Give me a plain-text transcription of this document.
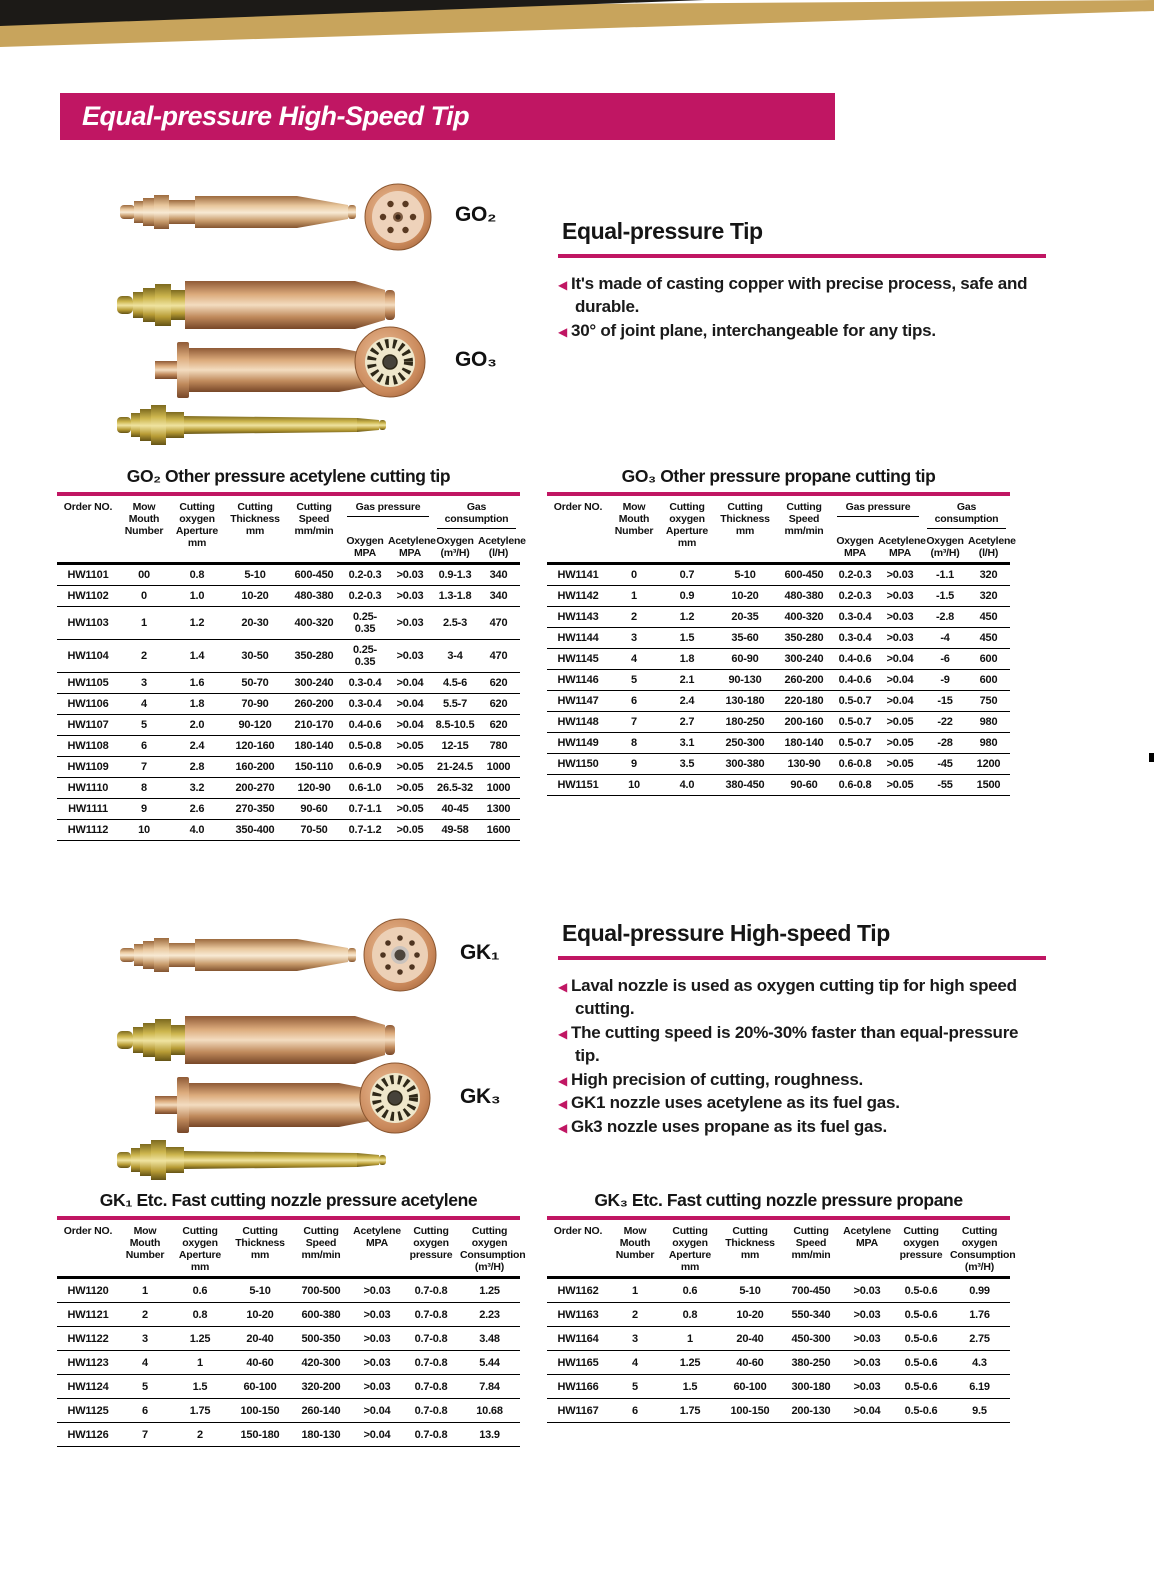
Equal-pressure High-Speed Tip
GO₂
GO₃
Equal-pressure Tip
◀ It's made of casting copper with precise process, safe and durable.
◀ 30° of joint plane, interchangeable for any tips.
GO₂ Other pressure acetylene cutting tip
Order NO.	Mow Mouth Number	Cutting oxygen Aperture mm	Cutting Thickness mm	Cutting Speed mm/min	Gas pressure		Gas consumption	

					Oxygen MPA	Acetylene MPA	Oxygen (m³/H)	Acetylene (l/H)
HW1101	00	0.8	5-10	600-450	0.2-0.3	>0.03	0.9-1.3	340
HW1102	0	1.0	10-20	480-380	0.2-0.3	>0.03	1.3-1.8	340
HW1103	1	1.2	20-30	400-320	0.25-0.35	>0.03	2.5-3	470
HW1104	2	1.4	30-50	350-280	0.25-0.35	>0.03	3-4	470
HW1105	3	1.6	50-70	300-240	0.3-0.4	>0.04	4.5-6	620
HW1106	4	1.8	70-90	260-200	0.3-0.4	>0.04	5.5-7	620
HW1107	5	2.0	90-120	210-170	0.4-0.6	>0.04	8.5-10.5	620
HW1108	6	2.4	120-160	180-140	0.5-0.8	>0.05	12-15	780
HW1109	7	2.8	160-200	150-110	0.6-0.9	>0.05	21-24.5	1000
HW1110	8	3.2	200-270	120-90	0.6-1.0	>0.05	26.5-32	1000
HW1111	9	2.6	270-350	90-60	0.7-1.1	>0.05	40-45	1300
HW1112	10	4.0	350-400	70-50	0.7-1.2	>0.05	49-58	1600
GO₃ Other pressure propane cutting tip
Order NO.	Mow Mouth Number	Cutting oxygen Aperture mm	Cutting Thickness mm	Cutting Speed mm/min	Gas pressure		Gas consumption	

					Oxygen MPA	Acetylene MPA	Oxygen (m³/H)	Acetylene (l/H)
HW1141	0	0.7	5-10	600-450	0.2-0.3	>0.03	-1.1	320
HW1142	1	0.9	10-20	480-380	0.2-0.3	>0.03	-1.5	320
HW1143	2	1.2	20-35	400-320	0.3-0.4	>0.03	-2.8	450
HW1144	3	1.5	35-60	350-280	0.3-0.4	>0.03	-4	450
HW1145	4	1.8	60-90	300-240	0.4-0.6	>0.04	-6	600
HW1146	5	2.1	90-130	260-200	0.4-0.6	>0.04	-9	600
HW1147	6	2.4	130-180	220-180	0.5-0.7	>0.04	-15	750
HW1148	7	2.7	180-250	200-160	0.5-0.7	>0.05	-22	980
HW1149	8	3.1	250-300	180-140	0.5-0.7	>0.05	-28	980
HW1150	9	3.5	300-380	130-90	0.6-0.8	>0.05	-45	1200
HW1151	10	4.0	380-450	90-60	0.6-0.8	>0.05	-55	1500
GK₁
GK₃
Equal-pressure High-speed Tip
◀ Laval nozzle is used as oxygen cutting tip for high speed cutting.
◀ The cutting speed is 20%-30% faster than equal-pressure tip.
◀ High precision of cutting, roughness.
◀ GK1 nozzle uses acetylene as its fuel gas.
◀ Gk3 nozzle uses propane as its fuel gas.
GK₁ Etc. Fast cutting nozzle pressure acetylene
Order NO.	Mow Mouth Number	Cutting oxygen Aperture mm	Cutting Thickness mm	Cutting Speed mm/min	Acetylene MPA	Cutting oxygen pressure	Cutting oxygen Consumption (m³/H)
HW1120	1	0.6	5-10	700-500	>0.03	0.7-0.8	1.25
HW1121	2	0.8	10-20	600-380	>0.03	0.7-0.8	2.23
HW1122	3	1.25	20-40	500-350	>0.03	0.7-0.8	3.48
HW1123	4	1	40-60	420-300	>0.03	0.7-0.8	5.44
HW1124	5	1.5	60-100	320-200	>0.03	0.7-0.8	7.84
HW1125	6	1.75	100-150	260-140	>0.04	0.7-0.8	10.68
HW1126	7	2	150-180	180-130	>0.04	0.7-0.8	13.9
GK₃ Etc. Fast cutting nozzle pressure propane
Order NO.	Mow Mouth Number	Cutting oxygen Aperture mm	Cutting Thickness mm	Cutting Speed mm/min	Acetylene MPA	Cutting oxygen pressure	Cutting oxygen Consumption (m³/H)
HW1162	1	0.6	5-10	700-450	>0.03	0.5-0.6	0.99
HW1163	2	0.8	10-20	550-340	>0.03	0.5-0.6	1.76
HW1164	3	1	20-40	450-300	>0.03	0.5-0.6	2.75
HW1165	4	1.25	40-60	380-250	>0.03	0.5-0.6	4.3
HW1166	5	1.5	60-100	300-180	>0.03	0.5-0.6	6.19
HW1167	6	1.75	100-150	200-130	>0.04	0.5-0.6	9.5
